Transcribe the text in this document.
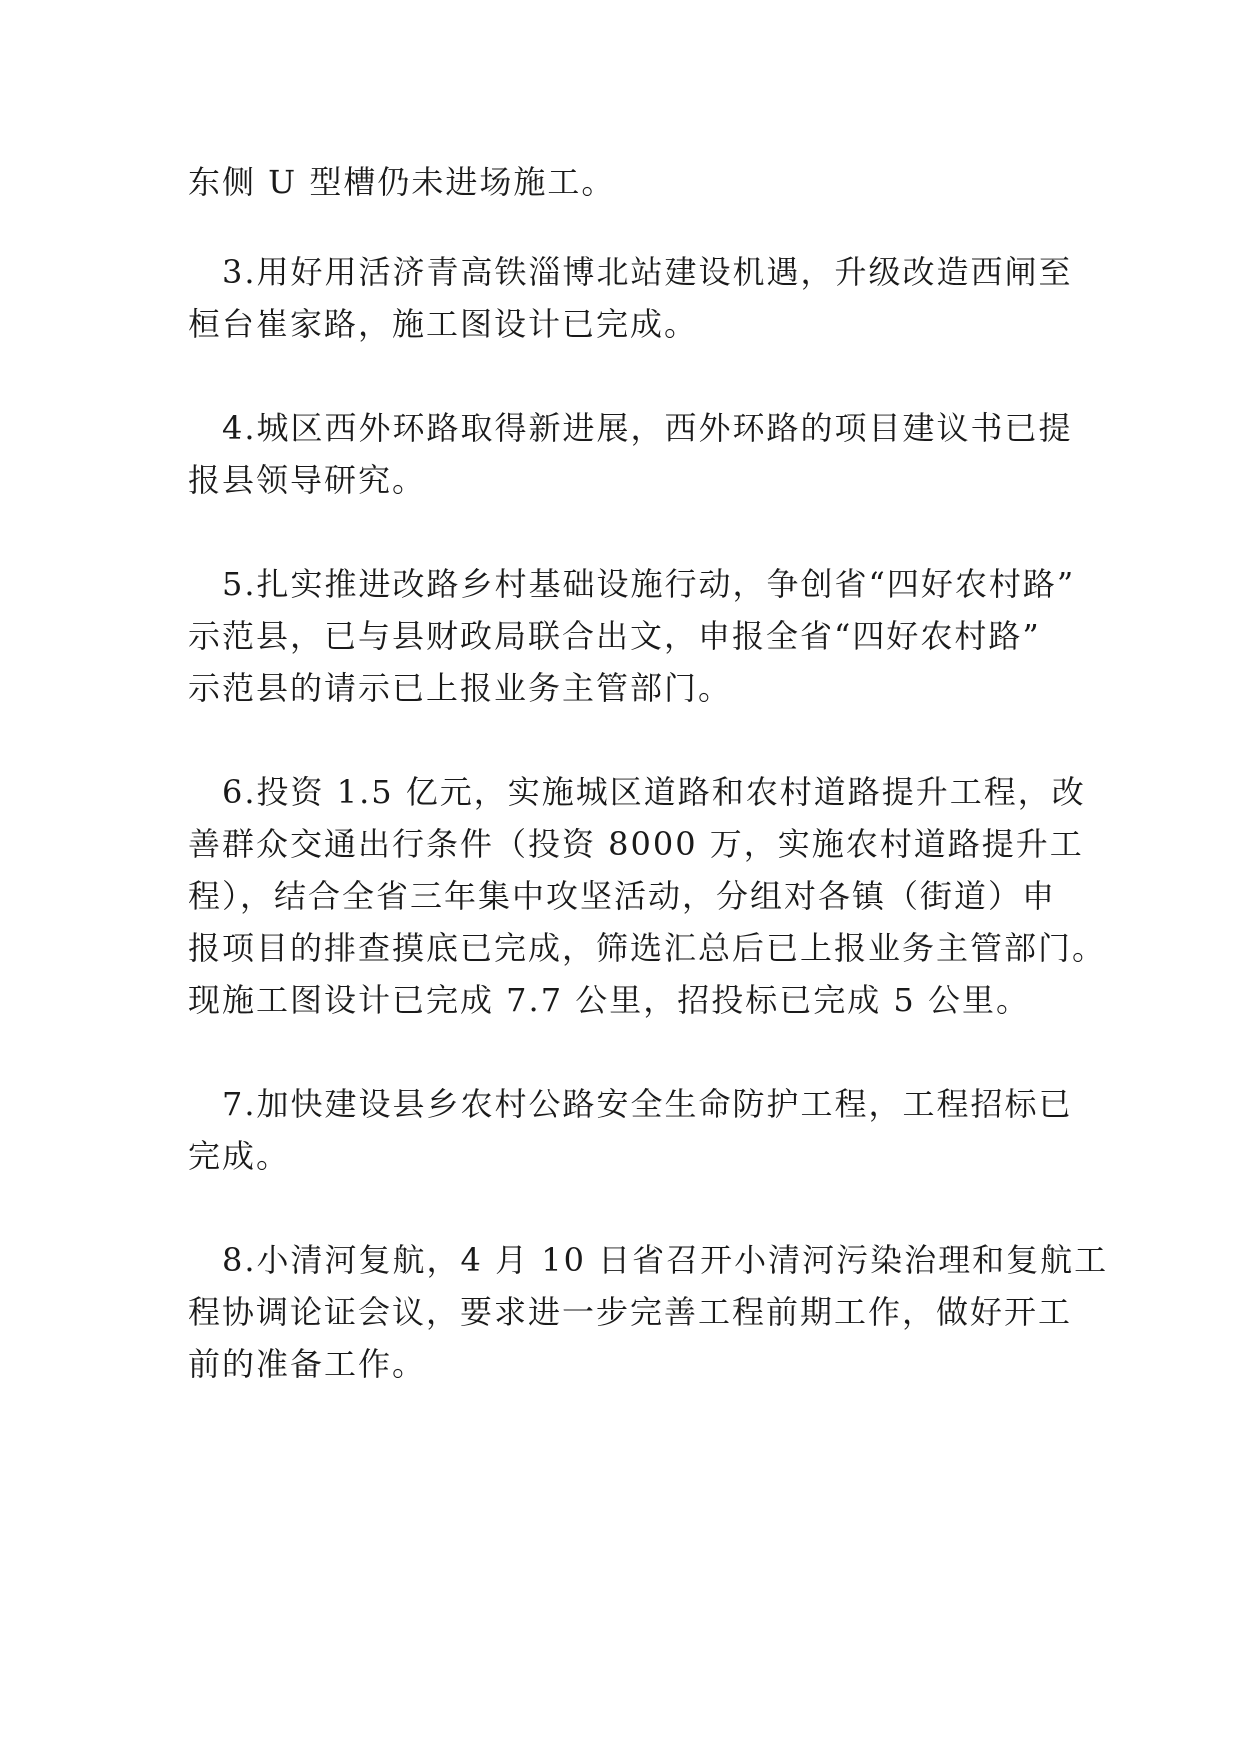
东侧 U 型槽仍未进场施工。
3.用好用活济青高铁淄博北站建设机遇，升级改造西闸至
桓台崔家路，施工图设计已完成。
4.城区西外环路取得新进展，西外环路的项目建议书已提
报县领导研究。
5.扎实推进改路乡村基础设施行动，争创省“四好农村路”
示范县，已与县财政局联合出文，申报全省“四好农村路”
示范县的请示已上报业务主管部门。
6.投资 1.5 亿元，实施城区道路和农村道路提升工程，改
善群众交通出行条件（投资 8000 万，实施农村道路提升工
程），结合全省三年集中攻坚活动，分组对各镇（街道）申
报项目的排查摸底已完成，筛选汇总后已上报业务主管部门。
现施工图设计已完成 7.7 公里，招投标已完成 5 公里。
7.加快建设县乡农村公路安全生命防护工程，工程招标已
完成。
8.小清河复航，4 月 10 日省召开小清河污染治理和复航工
程协调论证会议，要求进一步完善工程前期工作，做好开工
前的准备工作。
